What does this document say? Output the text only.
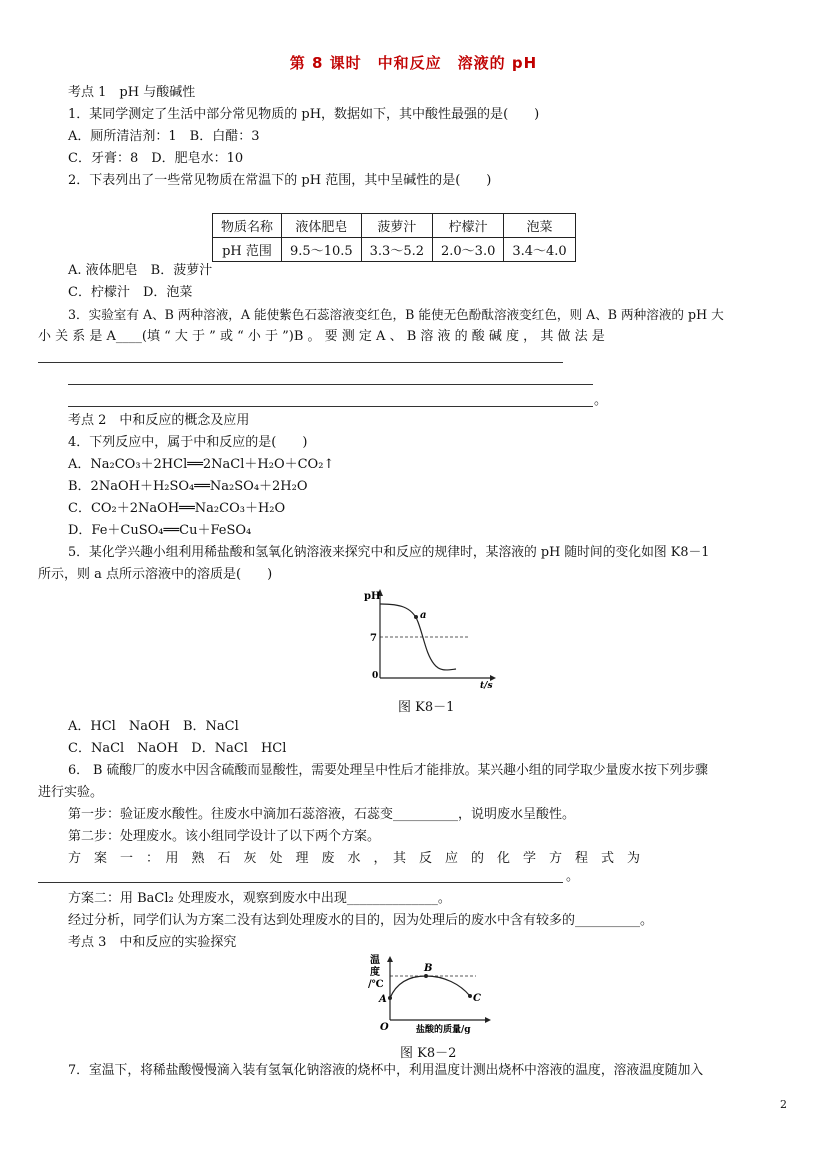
第 8 课时　中和反应　溶液的 pH
考点 1　pH 与酸碱性
1．某同学测定了生活中部分常见物质的 pH，数据如下，其中酸性最强的是(　　)
A．厕所清洁剂：1　B．白醋：3
C．牙膏：8　D．肥皂水：10
2．下表列出了一些常见物质在常温下的 pH 范围，其中呈碱性的是(　　)
物质名称	液体肥皂	菠萝汁	柠檬汁	泡菜
pH 范围	9.5～10.5	3.3～5.2	2.0～3.0	3.4～4.0
A. 液体肥皂　B．菠萝汁
C．柠檬汁　D．泡菜
3．实验室有 A、B 两种溶液，A 能使紫色石蕊溶液变红色，B 能使无色酚酞溶液变红色，则 A、B 两种溶液的 pH 大
小 关 系 是 A____(填 “ 大 于 ” 或 “ 小 于 ”)B 。 要 测 定 A 、 B 溶 液 的 酸 碱 度 ， 其 做 法 是
。
考点 2　中和反应的概念及应用
4．下列反应中，属于中和反应的是(　　)
A．Na₂CO₃＋2HCl══2NaCl＋H₂O＋CO₂↑
B．2NaOH＋H₂SO₄══Na₂SO₄＋2H₂O
C．CO₂＋2NaOH══Na₂CO₃＋H₂O
D．Fe＋CuSO₄══Cu＋FeSO₄
5．某化学兴趣小组利用稀盐酸和氢氧化钠溶液来探究中和反应的规律时，某溶液的 pH 随时间的变化如图 K8－1
所示，则 a 点所示溶液中的溶质是(　　)
a
pH
7
0
t/s
图 K8－1
A．HCl　NaOH　B．NaCl
C．NaCl　NaOH　D．NaCl　HCl
6． B 硫酸厂的废水中因含硫酸而显酸性，需要处理呈中性后才能排放。某兴趣小组的同学取少量废水按下列步骤
进行实验。
第一步：验证废水酸性。往废水中滴加石蕊溶液，石蕊变__________，说明废水呈酸性。
第二步：处理废水。该小组同学设计了以下两个方案。
方　案　一　：　用　熟　石　灰　处　理　废　水　，　其　反　应　的　化　学　方　程　式　为
。
方案二：用 BaCl₂ 处理废水，观察到废水中出现______________。
经过分析，同学们认为方案二没有达到处理废水的目的，因为处理后的废水中含有较多的__________。
考点 3　中和反应的实验探究
A
B
C
温
度
/℃
O	盐酸的质量/g
图 K8－2
7．室温下，将稀盐酸慢慢滴入装有氢氧化钠溶液的烧杯中，利用温度计测出烧杯中溶液的温度，溶液温度随加入
2
